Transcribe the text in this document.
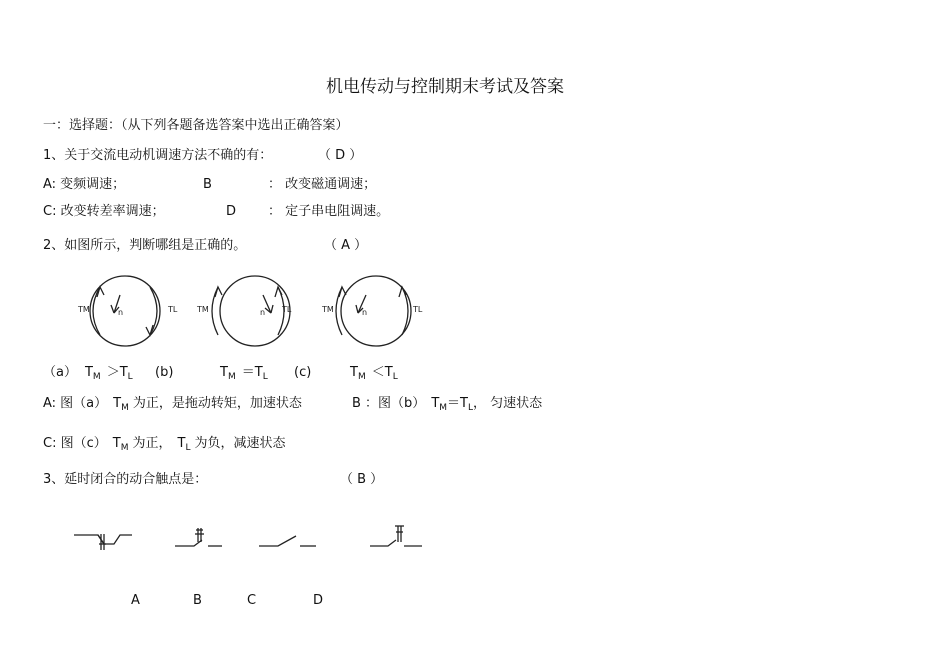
机电传动与控制期末考试及答案
一：选择题：（从下列各题备选答案中选出正确答案）
1、关于交流电动机调速方法不确的有：	（ D ）
A: 变频调速；	B	： 改变磁通调速；
C: 改变转差率调速；	D ： 定子串电阻调速。
2、如图所示，判断哪组是正确的。	（ A ）
TM	TL
n	TM	TL
n	TM	TL
n
（a） $T_M >T_L$ (b)	$T_M =T_L$ (c)	$T_M <T_L$
A: 图（a） $T_M$ 为正，是拖动转矩，加速状态	B ：图（b） $T_M=T_L$， 匀速状态
C: 图（c） $T_M$ 为正， $T_L$ 为负，减速状态
3、延时闭合的动合触点是：	（ B ）
A	B	C	D
